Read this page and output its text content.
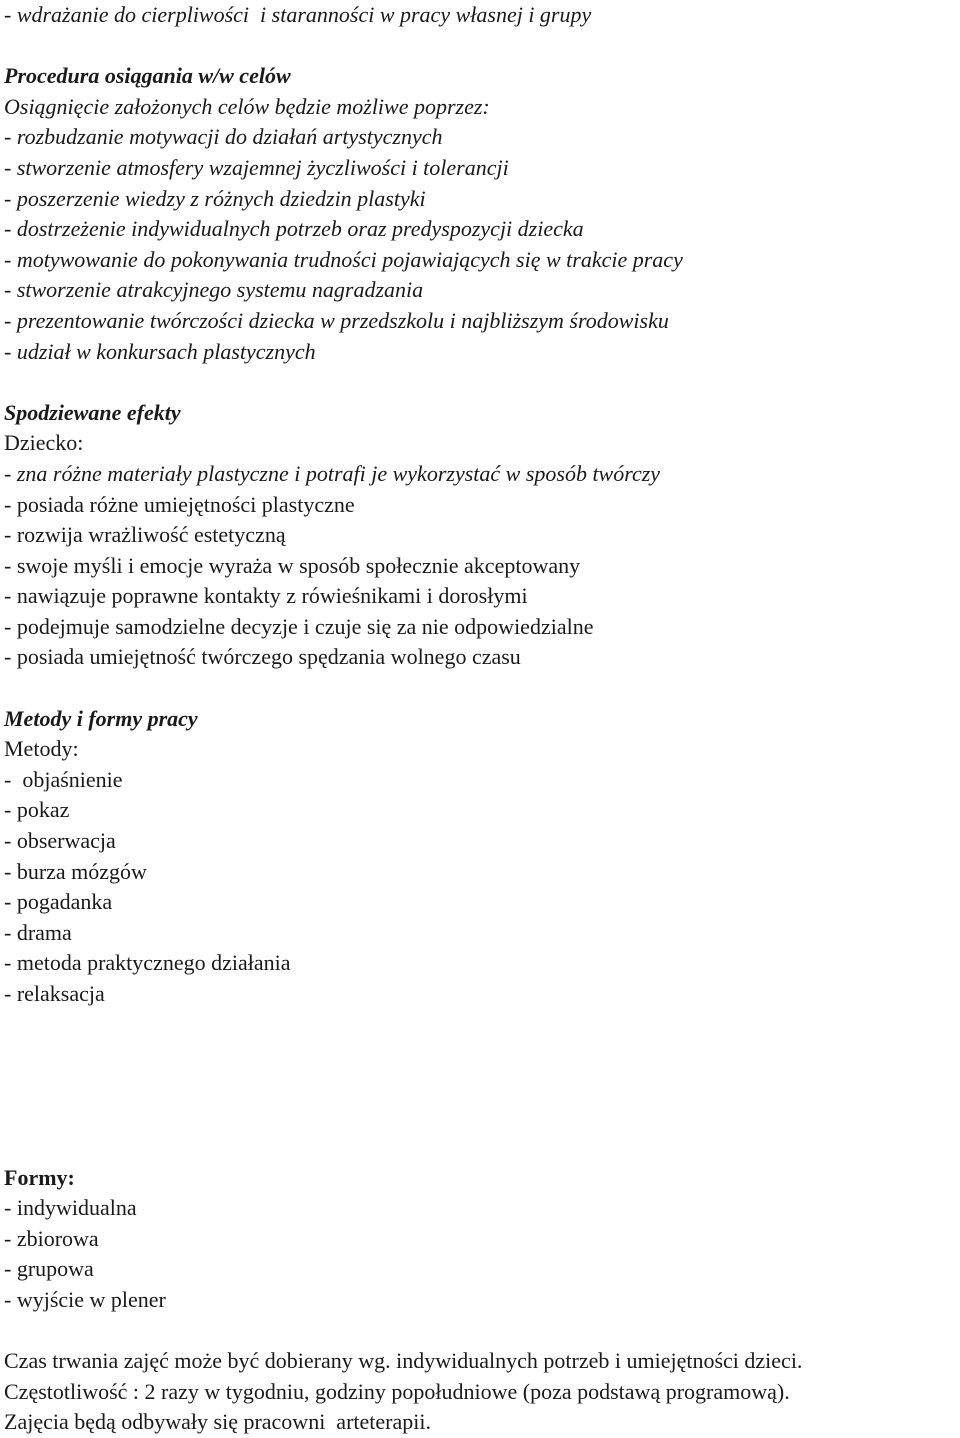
- wdrażanie do cierpliwości  i staranności w pracy własnej i grupy
Procedura osiągania w/w celów
Osiągnięcie założonych celów będzie możliwe poprzez:
- rozbudzanie motywacji do działań artystycznych
- stworzenie atmosfery wzajemnej życzliwości i tolerancji
- poszerzenie wiedzy z różnych dziedzin plastyki
- dostrzeżenie indywidualnych potrzeb oraz predyspozycji dziecka
- motywowanie do pokonywania trudności pojawiających się w trakcie pracy
- stworzenie atrakcyjnego systemu nagradzania
- prezentowanie twórczości dziecka w przedszkolu i najbliższym środowisku
- udział w konkursach plastycznych
Spodziewane efekty
Dziecko:
- zna różne materiały plastyczne i potrafi je wykorzystać w sposób twórczy
- posiada różne umiejętności plastyczne
- rozwija wrażliwość estetyczną
- swoje myśli i emocje wyraża w sposób społecznie akceptowany
- nawiązuje poprawne kontakty z rówieśnikami i dorosłymi
- podejmuje samodzielne decyzje i czuje się za nie odpowiedzialne
- posiada umiejętność twórczego spędzania wolnego czasu
Metody i formy pracy
Metody:
-  objaśnienie
- pokaz
- obserwacja
- burza mózgów
- pogadanka
- drama
- metoda praktycznego działania
- relaksacja
Formy:
- indywidualna
- zbiorowa
- grupowa
- wyjście w plener
Czas trwania zajęć może być dobierany wg. indywidualnych potrzeb i umiejętności dzieci.
Częstotliwość : 2 razy w tygodniu, godziny popołudniowe (poza podstawą programową).
Zajęcia będą odbywały się pracowni  arteterapii.
